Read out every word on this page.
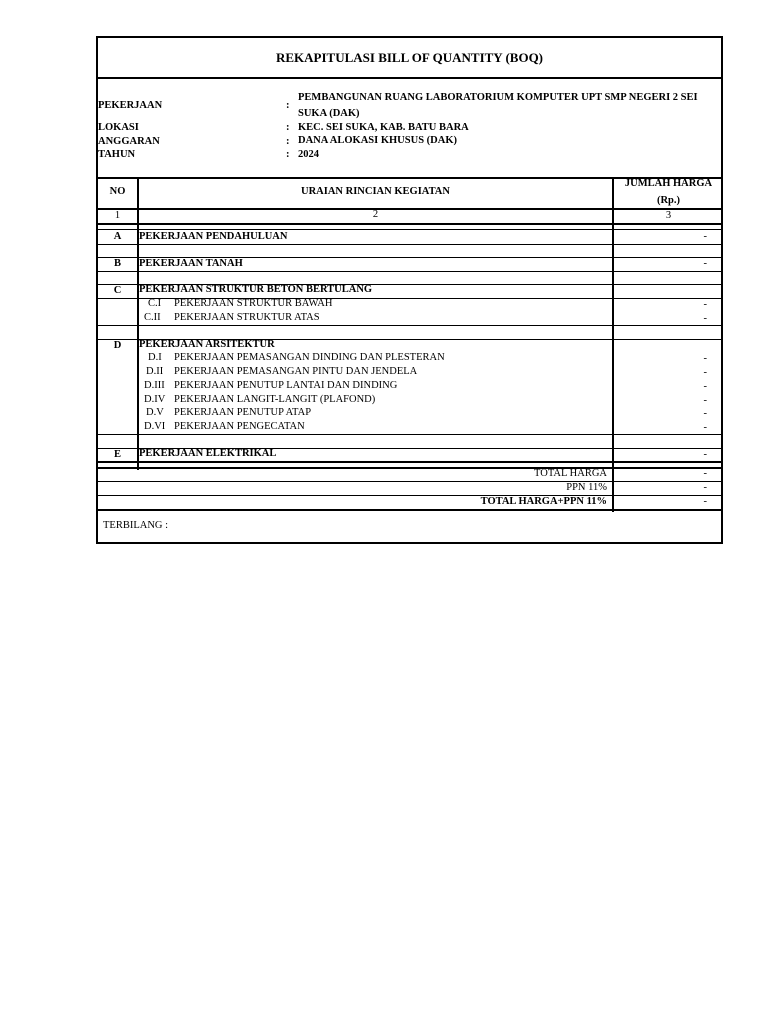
REKAPITULASI BILL OF QUANTITY (BOQ)
PEKERJAAN	:
PEMBANGUNAN RUANG LABORATORIUM KOMPUTER UPT SMP NEGERI 2 SEI
SUKA (DAK)
LOKASI	: KEC. SEI SUKA, KAB. BATU BARA
ANGGARAN	: DANA ALOKASI KHUSUS (DAK)
TAHUN	: 2024
NO	URAIAN RINCIAN KEGIATAN
JUMLAH HARGA
(Rp.)
1	2	3
A	PEKERJAAN PENDAHULUAN	-
B	PEKERJAAN TANAH	-
C	PEKERJAAN STRUKTUR BETON BERTULANG
C.I PEKERJAAN STRUKTUR BAWAH	-
C.II PEKERJAAN STRUKTUR ATAS	-
D	PEKERJAAN ARSITEKTUR
D.I PEKERJAAN PEMASANGAN DINDING DAN PLESTERAN	-
D.II PEKERJAAN PEMASANGAN PINTU DAN JENDELA	-
D.III PEKERJAAN PENUTUP LANTAI DAN DINDING	-
D.IV PEKERJAAN LANGIT-LANGIT (PLAFOND)	-
D.V PEKERJAAN PENUTUP ATAP	-
D.VI PEKERJAAN PENGECATAN	-
E	PEKERJAAN ELEKTRIKAL	-
TOTAL HARGA	-
PPN 11%	-
TOTAL HARGA+PPN 11%	-
TERBILANG :
